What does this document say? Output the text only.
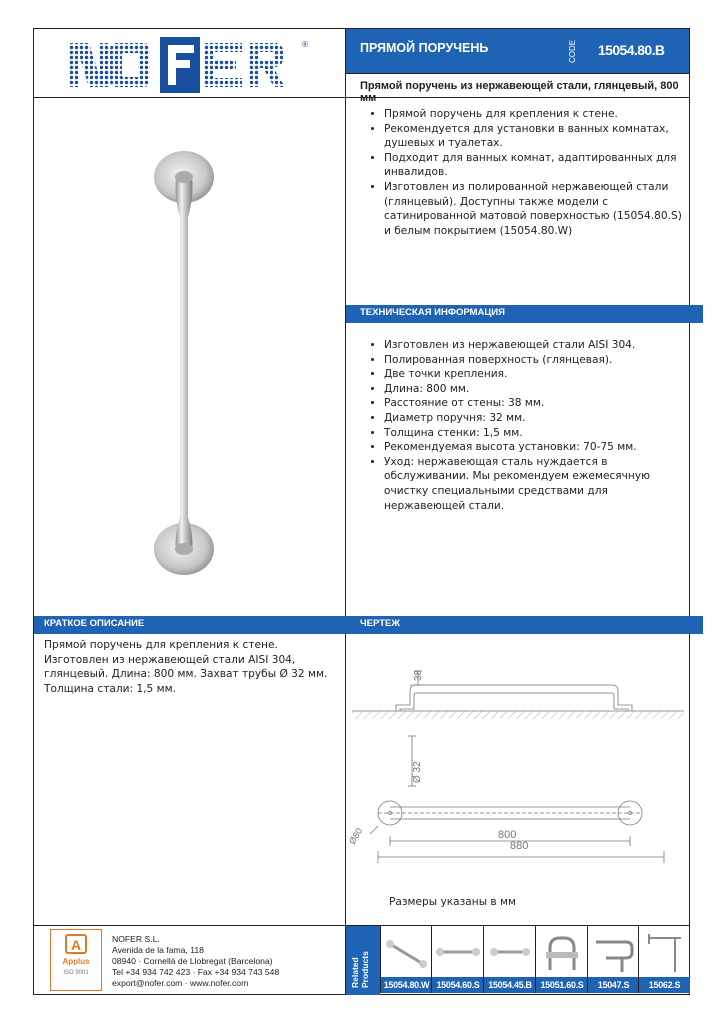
®	ПРЯМОЙ ПОРУЧЕНЬ	CODE 15054.80.B
Прямой поручень из нержавеющей стали, глянцевый, 800 мм
• Прямой поручень для крепления к стене.
• Рекомендуется для установки в ванных комнатах, душевых и туалетах.
• Подходит для ванных комнат, адаптированных для инвалидов.
• Изготовлен из полированной нержавеющей стали (глянцевый). Доступны также модели с сатинированной матовой поверхностью (15054.80.S) и белым покрытием (15054.80.W)
ТЕХНИЧЕСКАЯ ИНФОРМАЦИЯ
• Изготовлен из нержавеющей стали AISI 304.
• Полированная поверхность (глянцевая).
• Две точки крепления.
• Длина: 800 мм.
• Расстояние от стены: 38 мм.
• Диаметр поручня: 32 мм.
• Толщина стенки: 1,5 мм.
• Рекомендуемая высота установки: 70-75 мм.
• Уход: нержавеющая сталь нуждается в обслуживании. Мы рекомендуем ежемесячную очистку специальными средствами для нержавеющей стали.
КРАТКОЕ ОПИСАНИЕ
Прямой поручень для крепления к стене.
Изготовлен из нержавеющей стали AISI 304,
глянцевый. Длина: 800 мм. Захват трубы Ø 32 мм.
Толщина стали: 1,5 мм.
ЧЕРТЕЖ
38
Ø 32
Ø80	800
880
Размеры указаны в мм
A
Applus
ISO 9001
NOFER S.L.
Avenida de la fama, 118
08940 · Cornellà de Llobregat (Barcelona)
Tel +34 934 742 423 · Fax +34 934 743 548
export@nofer.com · www.nofer.com	Related Products	15054.80.W 15054.60.S 15054.45.B 15051.60.S	15047.S	15062.S
